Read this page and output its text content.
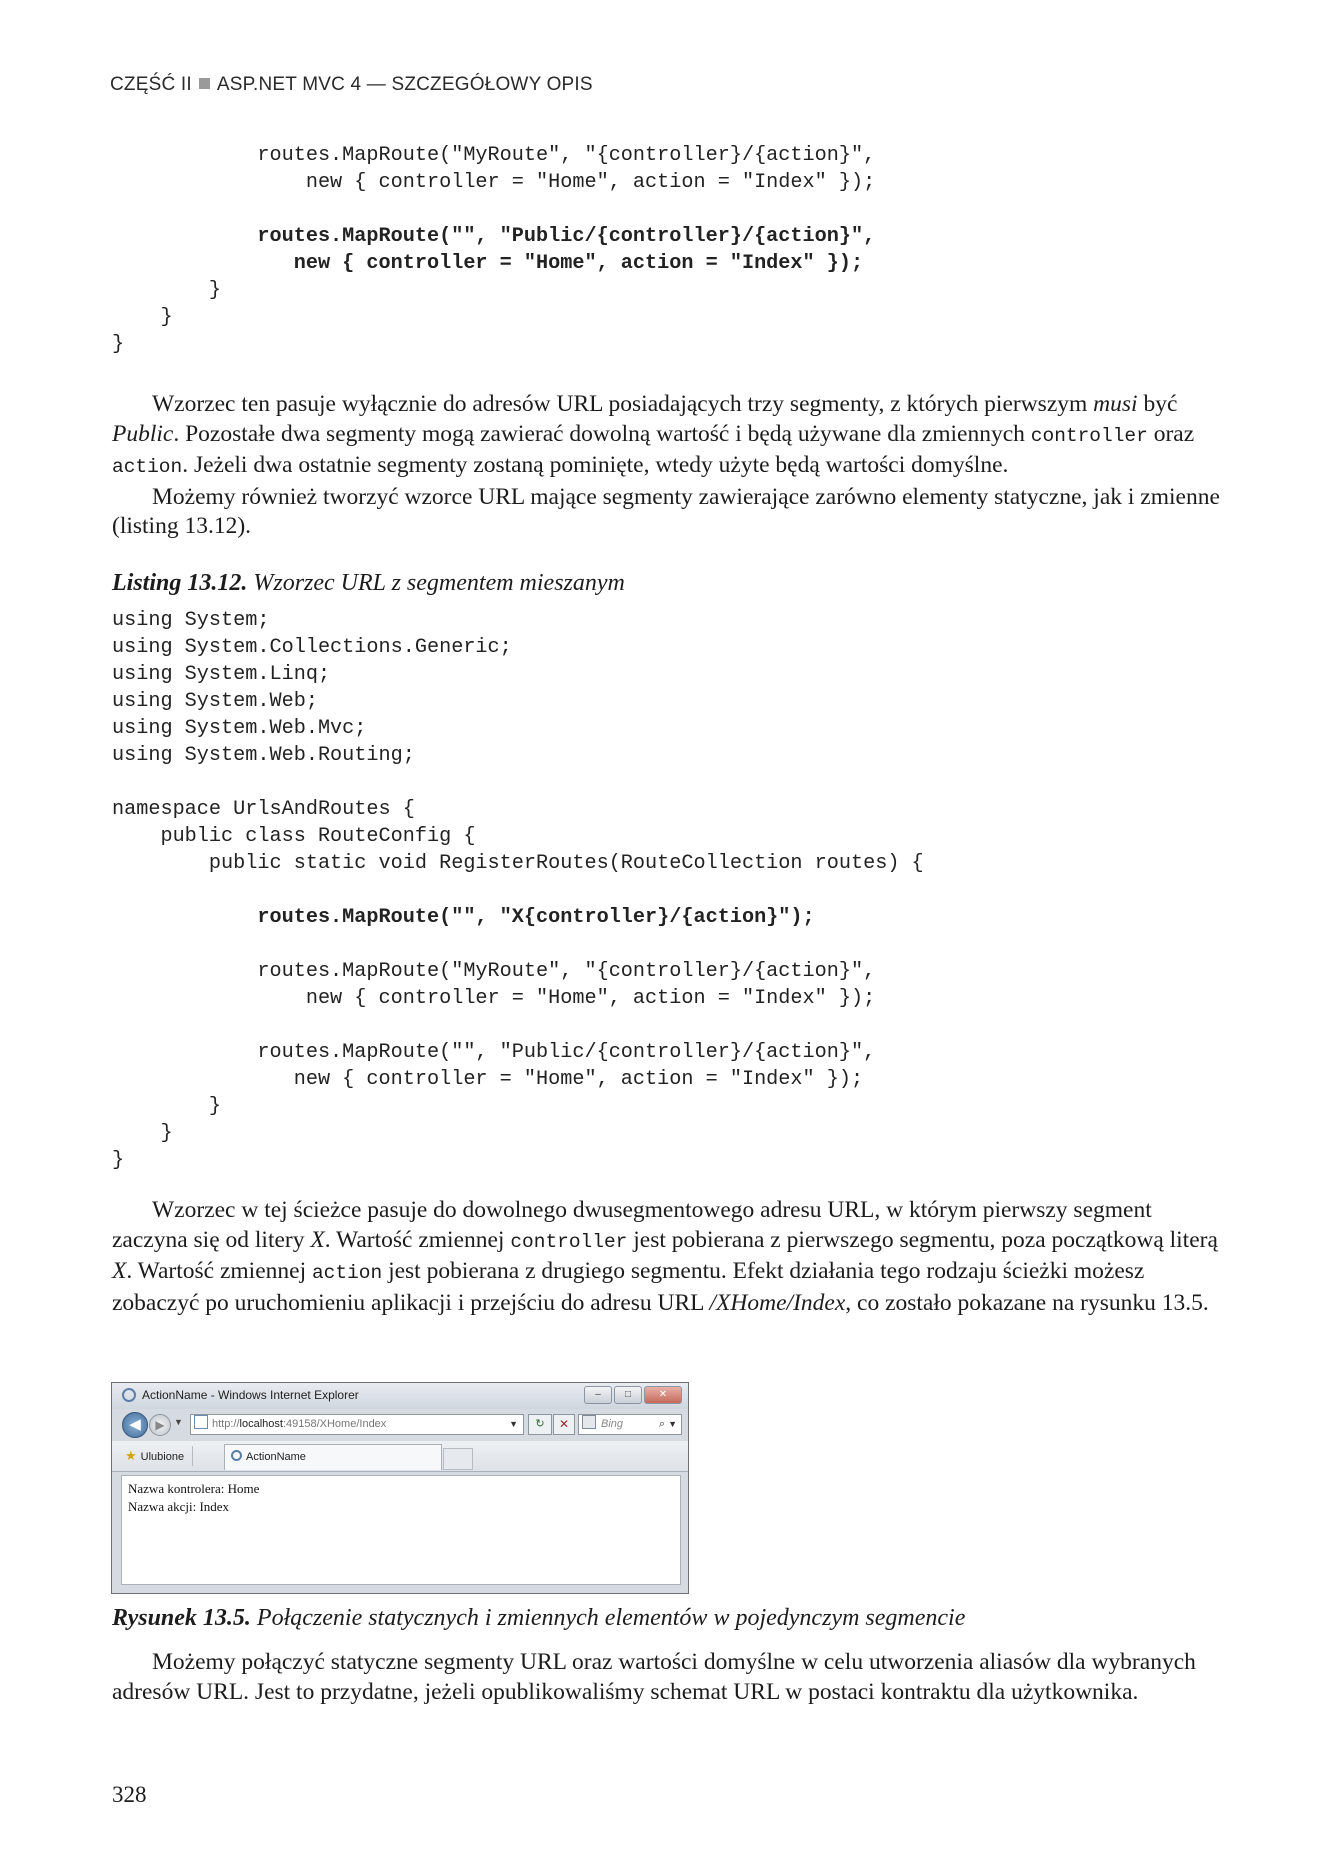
CZĘŚĆ II ASP.NET MVC 4 — SZCZEGÓŁOWY OPIS
routes.MapRoute("MyRoute", "{controller}/{action}",
new { controller = "Home", action = "Index" });

routes.MapRoute("", "Public/{controller}/{action}",
new { controller = "Home", action = "Index" });
}
}
}

Wzorzec ten pasuje wyłącznie do adresów URL posiadających trzy segmenty, z których pierwszym musi być Public. Pozostałe dwa segmenty mogą zawierać dowolną wartość i będą używane dla zmiennych controller oraz action. Jeżeli dwa ostatnie segmenty zostaną pominięte, wtedy użyte będą wartości domyślne.

Możemy również tworzyć wzorce URL mające segmenty zawierające zarówno elementy statyczne, jak i zmienne (listing 13.12).

Listing 13.12. Wzorzec URL z segmentem mieszanym
using System;
using System.Collections.Generic;
using System.Linq;
using System.Web;
using System.Web.Mvc;
using System.Web.Routing;

namespace UrlsAndRoutes {
public class RouteConfig {
public static void RegisterRoutes(RouteCollection routes) {

routes.MapRoute("", "X{controller}/{action}");

routes.MapRoute("MyRoute", "{controller}/{action}",
new { controller = "Home", action = "Index" });

routes.MapRoute("", "Public/{controller}/{action}",
new { controller = "Home", action = "Index" });
}
}
}

Wzorzec w tej ścieżce pasuje do dowolnego dwusegmentowego adresu URL, w którym pierwszy segment zaczyna się od litery X. Wartość zmiennej controller jest pobierana z pierwszego segmentu, poza początkową literą X. Wartość zmiennej action jest pobierana z drugiego segmentu. Efekt działania tego rodzaju ścieżki możesz zobaczyć po uruchomieniu aplikacji i przejściu do adresu URL /XHome/Index, co zostało pokazane na rysunku 13.5.

ActionName - Windows Internet Explorer	–	□	✕
◀	▶	▼	http://localhost:49158/XHome/Index	▼	↻	✕	Bing	⌕ ▼
★ Ulubione	ActionName
Nazwa kontrolera: Home
Nazwa akcji: Index
Rysunek 13.5. Połączenie statycznych i zmiennych elementów w pojedynczym segmencie

Możemy połączyć statyczne segmenty URL oraz wartości domyślne w celu utworzenia aliasów dla wybranych adresów URL. Jest to przydatne, jeżeli opublikowaliśmy schemat URL w postaci kontraktu dla użytkownika.

328
